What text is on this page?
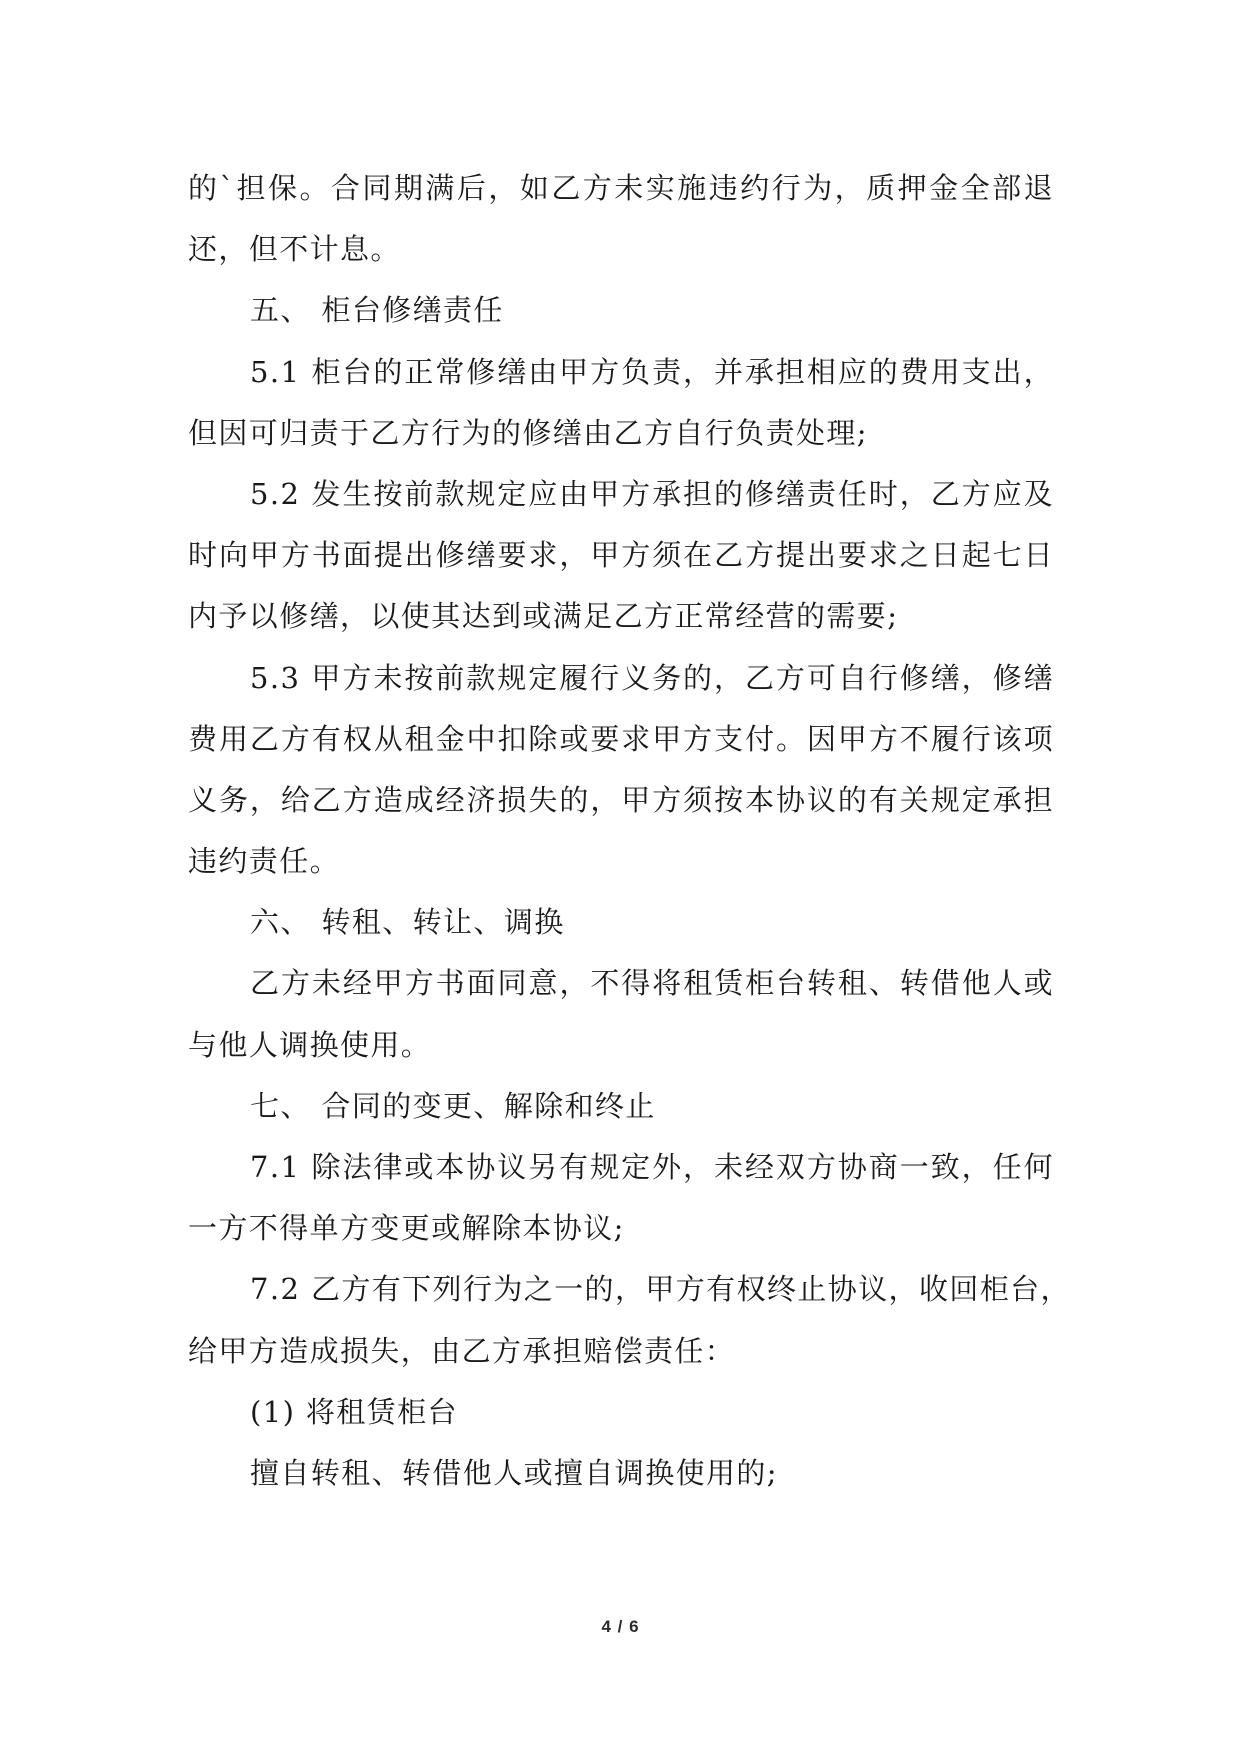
的`担保。合同期满后，如乙方未实施违约行为，质押金全部退
还，但不计息。
五、 柜台修缮责任
5.1 柜台的正常修缮由甲方负责，并承担相应的费用支出，
但因可归责于乙方行为的修缮由乙方自行负责处理;
5.2 发生按前款规定应由甲方承担的修缮责任时，乙方应及
时向甲方书面提出修缮要求，甲方须在乙方提出要求之日起七日
内予以修缮，以使其达到或满足乙方正常经营的需要;
5.3 甲方未按前款规定履行义务的，乙方可自行修缮，修缮
费用乙方有权从租金中扣除或要求甲方支付。因甲方不履行该项
义务，给乙方造成经济损失的，甲方须按本协议的有关规定承担
违约责任。
六、 转租、转让、调换
乙方未经甲方书面同意，不得将租赁柜台转租、转借他人或
与他人调换使用。
七、 合同的变更、解除和终止
7.1 除法律或本协议另有规定外，未经双方协商一致，任何
一方不得单方变更或解除本协议;
7.2 乙方有下列行为之一的，甲方有权终止协议，收回柜台，
给甲方造成损失，由乙方承担赔偿责任：
(1) 将租赁柜台
擅自转租、转借他人或擅自调换使用的;
4 / 6
